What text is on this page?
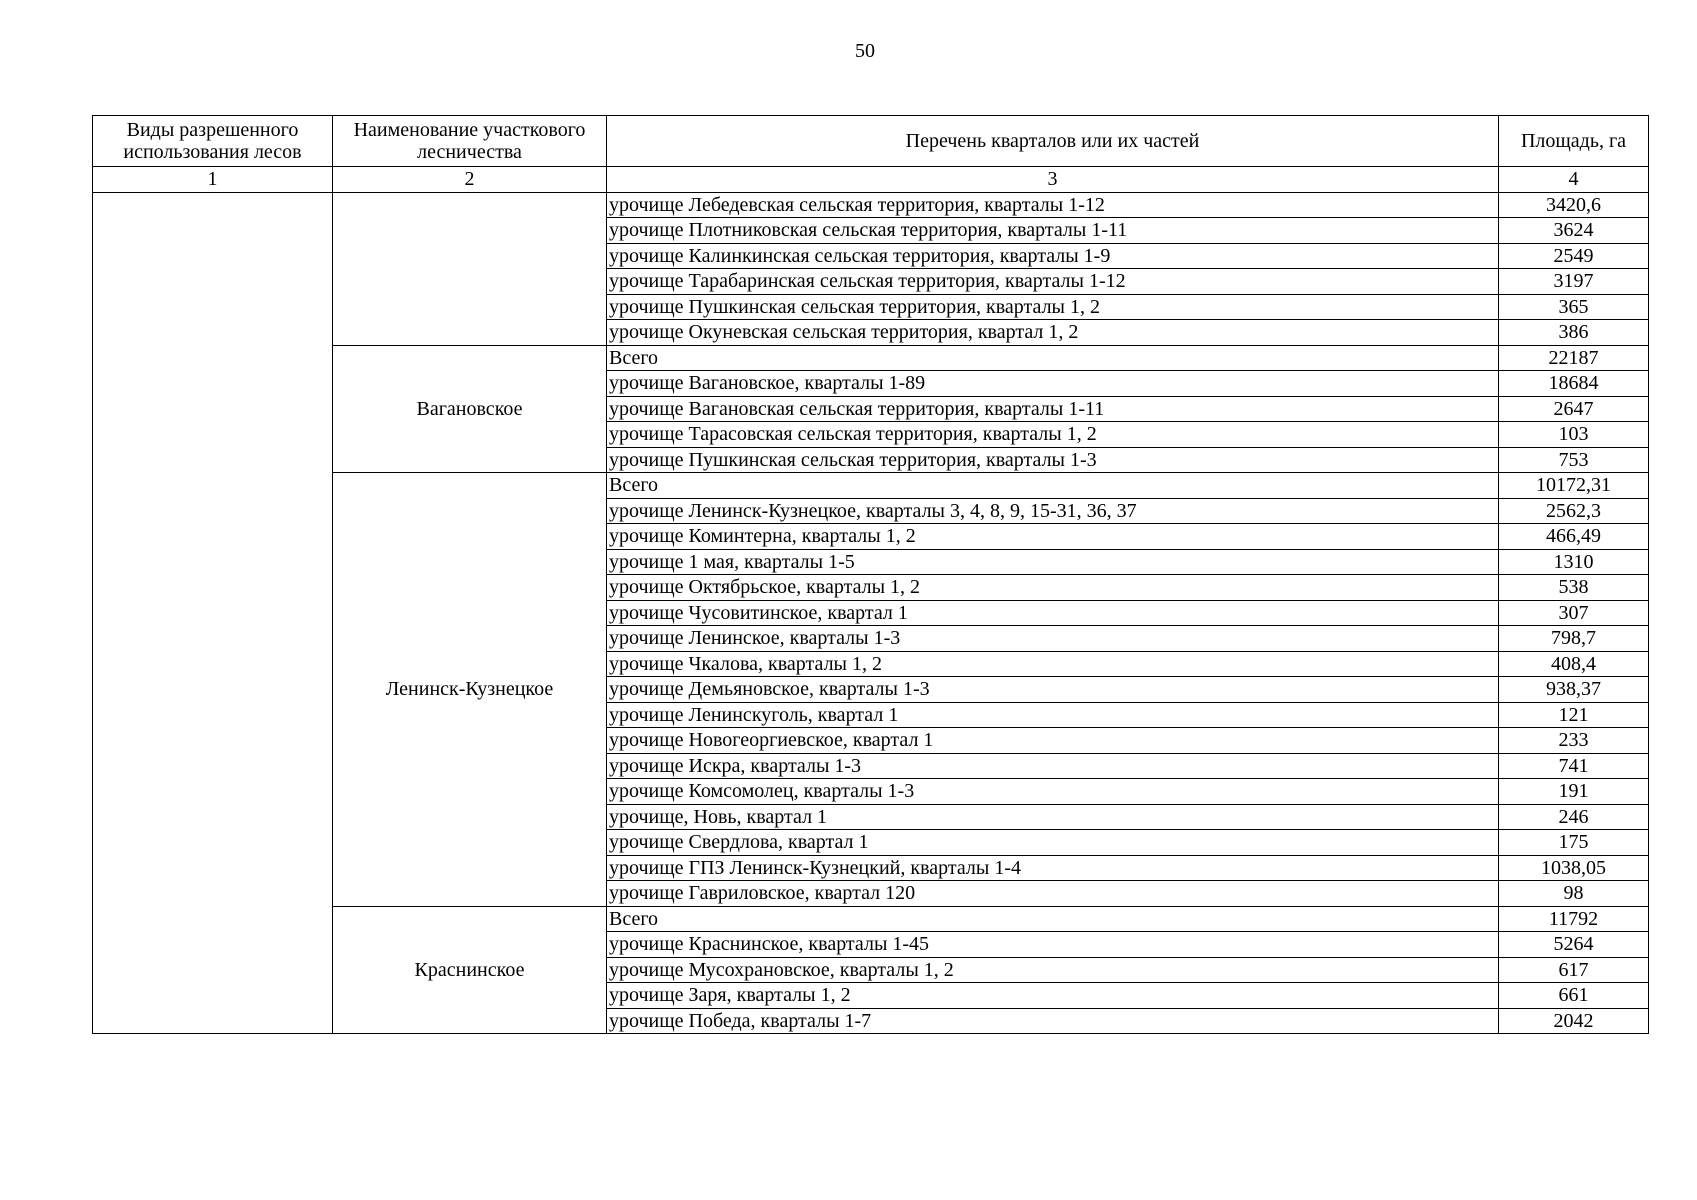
50
Виды разрешенного использования лесов	Наименование участкового лесничества	Перечень кварталов или их частей	Площадь, га
1	2	3	4
		урочище Лебедевская сельская территория, кварталы 1-12	3420,6
		урочище Плотниковская сельская территория, кварталы 1-11	3624
		урочище Калинкинская сельская территория, кварталы 1-9	2549
		урочище Тарабаринская сельская территория, кварталы 1-12	3197
		урочище Пушкинская сельская территория, кварталы 1, 2	365
		урочище Окуневская сельская территория, квартал 1, 2	386
	Вагановское	Всего	22187
		урочище Вагановское, кварталы 1-89	18684
		урочище Вагановская сельская территория, кварталы 1-11	2647
		урочище Тарасовская сельская территория, кварталы 1, 2	103
		урочище Пушкинская сельская территория, кварталы 1-3	753
	Ленинск-Кузнецкое	Всего	10172,31
		урочище Ленинск-Кузнецкое, кварталы 3, 4, 8, 9, 15-31, 36, 37	2562,3
		урочище Коминтерна, кварталы 1, 2	466,49
		урочище 1 мая, кварталы 1-5	1310
		урочище Октябрьское, кварталы 1, 2	538
		урочище Чусовитинское, квартал 1	307
		урочище Ленинское, кварталы 1-3	798,7
		урочище Чкалова, кварталы 1, 2	408,4
		урочище Демьяновское, кварталы 1-3	938,37
		урочище Ленинскуголь, квартал 1	121
		урочище Новогеоргиевское, квартал 1	233
		урочище Искра, кварталы 1-3	741
		урочище Комсомолец, кварталы 1-3	191
		урочище, Новь, квартал 1	246
		урочище Свердлова, квартал 1	175
		урочище ГПЗ Ленинск-Кузнецкий, кварталы 1-4	1038,05
		урочище Гавриловское, квартал 120	98
	Краснинское	Всего	11792
		урочище Краснинское, кварталы 1-45	5264
		урочище Мусохрановское, кварталы 1, 2	617
		урочище Заря, кварталы 1, 2	661
		урочище Победа, кварталы 1-7	2042
